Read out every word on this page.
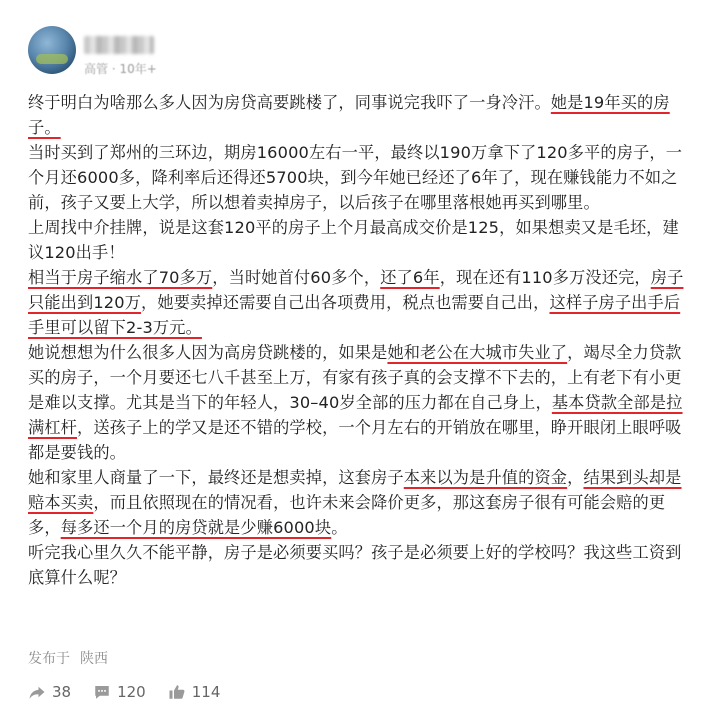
高管 · 10年+

终于明白为啥那么多人因为房贷高要跳楼了，同事说完我吓了一身冷汗。她是19年买的房子。

当时买到了郑州的三环边，期房16000左右一平，最终以190万拿下了120多平的房子，一个月还6000多，降利率后还得还5700块，到今年她已经还了6年了，现在赚钱能力不如之前，孩子又要上大学，所以想着卖掉房子，以后孩子在哪里落根她再买到哪里。

上周找中介挂牌，说是这套120平的房子上个月最高成交价是125，如果想卖又是毛坯，建议120出手！

相当于房子缩水了70多万，当时她首付60多个，还了6年，现在还有110多万没还完，房子只能出到120万，她要卖掉还需要自己出各项费用，税点也需要自己出，这样子房子出手后手里可以留下2-3万元。

她说想想为什么很多人因为高房贷跳楼的，如果是她和老公在大城市失业了，竭尽全力贷款买的房子，一个月要还七八千甚至上万，有家有孩子真的会支撑不下去的，上有老下有小更是难以支撑。尤其是当下的年轻人，30–40岁全部的压力都在自己身上，基本贷款全部是拉满杠杆，送孩子上的学又是还不错的学校，一个月左右的开销放在哪里，睁开眼闭上眼呼吸都是要钱的。

她和家里人商量了一下，最终还是想卖掉，这套房子本来以为是升值的资金，结果到头却是赔本买卖，而且依照现在的情况看，也许未来会降价更多，那这套房子很有可能会赔的更多，每多还一个月的房贷就是少赚6000块。

听完我心里久久不能平静，房子是必须要买吗？孩子是必须要上好的学校吗？我这些工资到底算什么呢？

发布于 陕西
38	120	114
